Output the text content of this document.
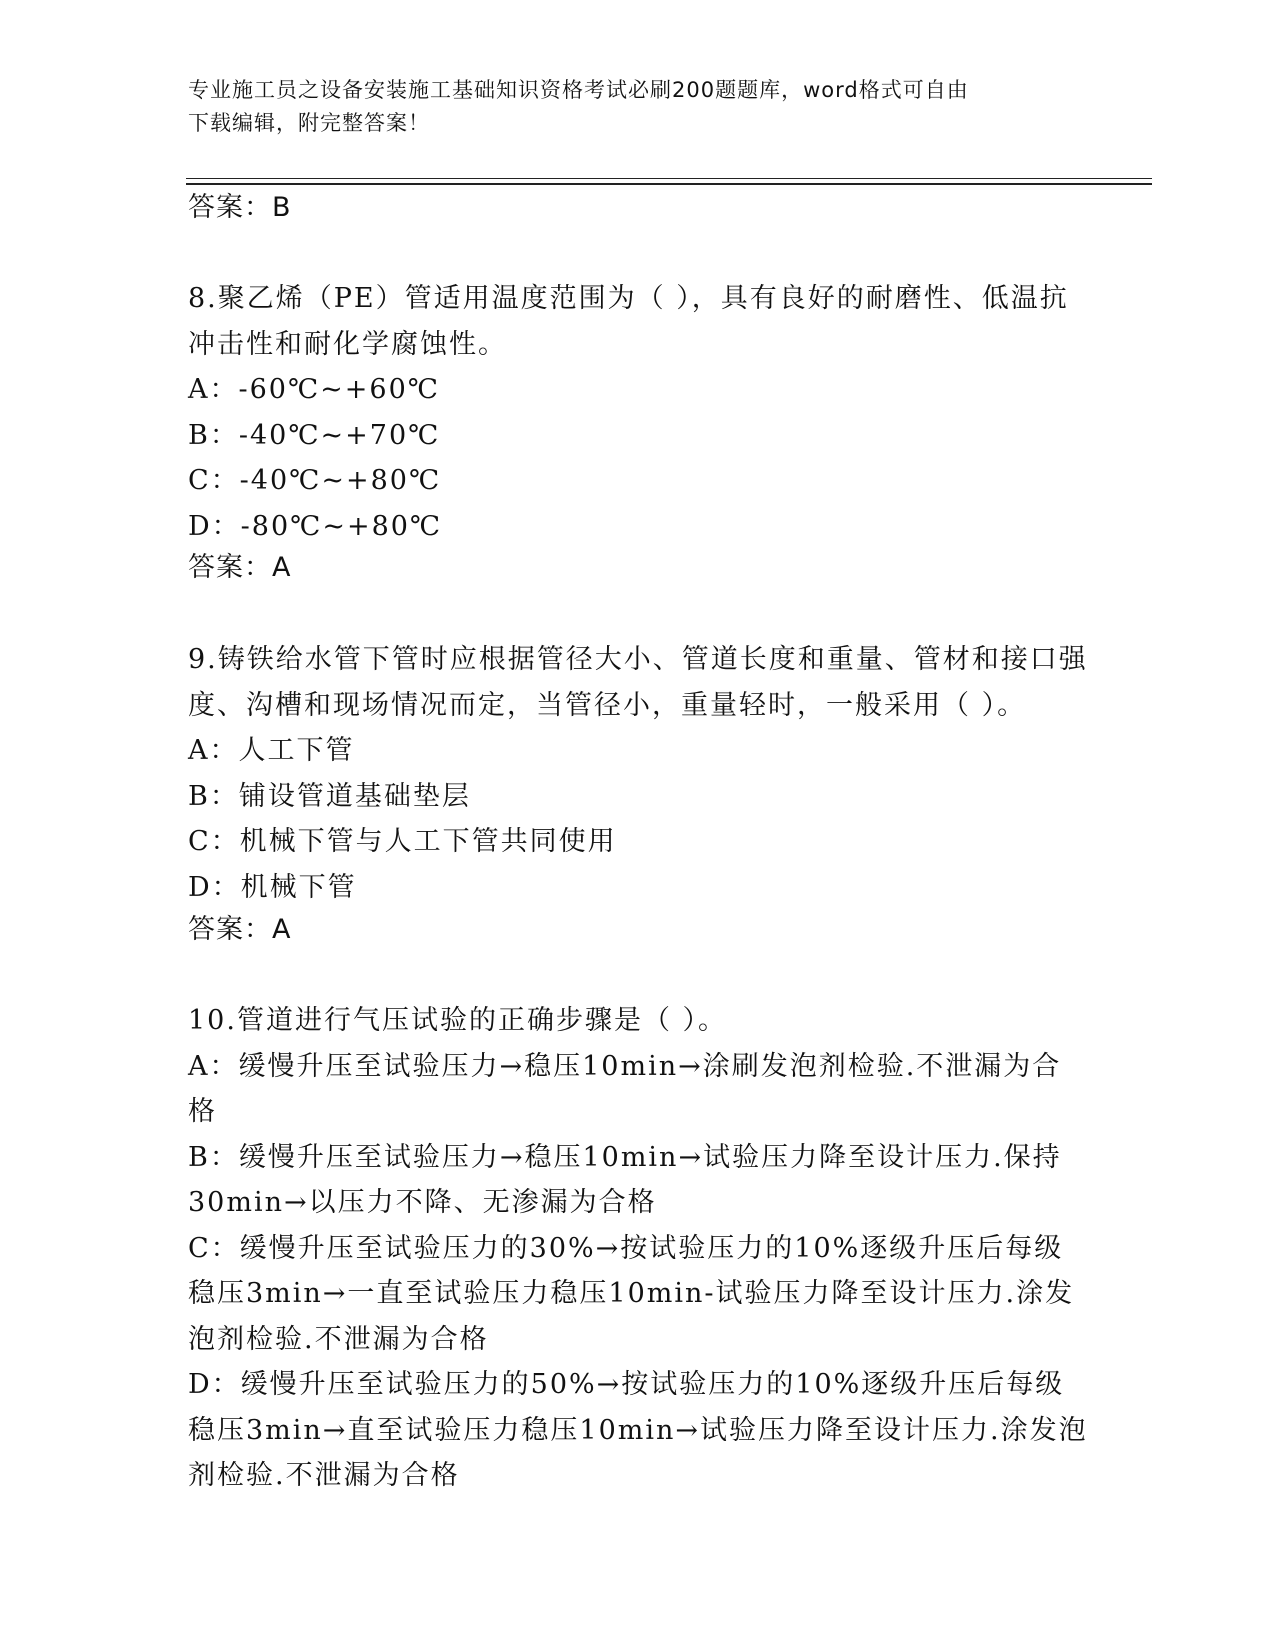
专业施工员之设备安装施工基础知识资格考试必刷200题题库，word格式可自由
下载编辑，附完整答案！
答案：B

8.聚乙烯（PE）管适用温度范围为（ ），具有良好的耐磨性、低温抗冲击性和耐化学腐蚀性。

A：-60℃~+60℃

B：-40℃~+70℃

C：-40℃~+80℃

D：-80℃~+80℃

答案：A

9.铸铁给水管下管时应根据管径大小、管道长度和重量、管材和接口强度、沟槽和现场情况而定，当管径小，重量轻时，一般采用（ ）。

A：人工下管

B：铺设管道基础垫层

C：机械下管与人工下管共同使用

D：机械下管

答案：A

10.管道进行气压试验的正确步骤是（ ）。

A：缓慢升压至试验压力→稳压10min→涂刷发泡剂检验.不泄漏为合格

B：缓慢升压至试验压力→稳压10min→试验压力降至设计压力.保持30min→以压力不降、无渗漏为合格

C：缓慢升压至试验压力的30%→按试验压力的10%逐级升压后每级稳压3min→一直至试验压力稳压10min-试验压力降至设计压力.涂发泡剂检验.不泄漏为合格

D：缓慢升压至试验压力的50%→按试验压力的10%逐级升压后每级稳压3min→直至试验压力稳压10min→试验压力降至设计压力.涂发泡剂检验.不泄漏为合格
